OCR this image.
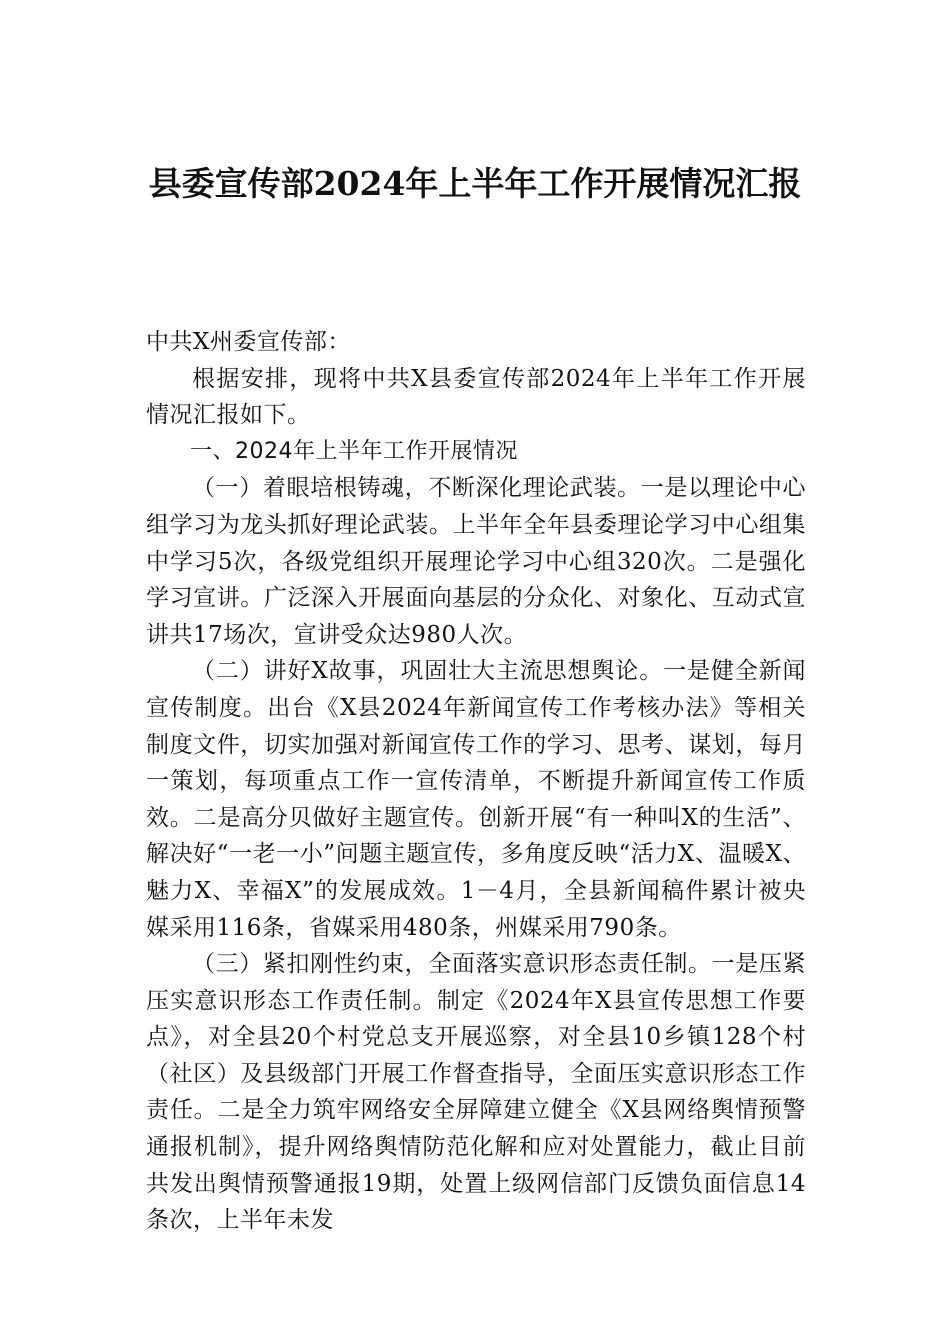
县委宣传部2024年上半年工作开展情况汇报

中共X州委宣传部：

根据安排，现将中共X县委宣传部2024年上半年工作开展情况汇报如下。

一、2024年上半年工作开展情况

（一）着眼培根铸魂，不断深化理论武装。一是以理论中心组学习为龙头抓好理论武装。上半年全年县委理论学习中心组集中学习5次，各级党组织开展理论学习中心组320次。二是强化学习宣讲。广泛深入开展面向基层的分众化、对象化、互动式宣讲共17场次，宣讲受众达980人次。

（二）讲好X故事，巩固壮大主流思想舆论。一是健全新闻宣传制度。出台《X县2024年新闻宣传工作考核办法》等相关制度文件，切实加强对新闻宣传工作的学习、思考、谋划，每月一策划，每项重点工作一宣传清单，不断提升新闻宣传工作质效。二是高分贝做好主题宣传。创新开展“有一种叫X的生活”、解决好“一老一小”问题主题宣传，多角度反映“活力X、温暖X、魅力X、幸福X”的发展成效。1－4月，全县新闻稿件累计被央媒采用116条，省媒采用480条，州媒采用790条。

（三）紧扣刚性约束，全面落实意识形态责任制。一是压紧压实意识形态工作责任制。制定《2024年X县宣传思想工作要点》，对全县20个村党总支开展巡察，对全县10乡镇128个村（社区）及县级部门开展工作督查指导，全面压实意识形态工作责任。二是全力筑牢网络安全屏障建立健全《X县网络舆情预警通报机制》，提升网络舆情防范化解和应对处置能力，截止目前共发出舆情预警通报19期，处置上级网信部门反馈负面信息14条次，上半年未发
